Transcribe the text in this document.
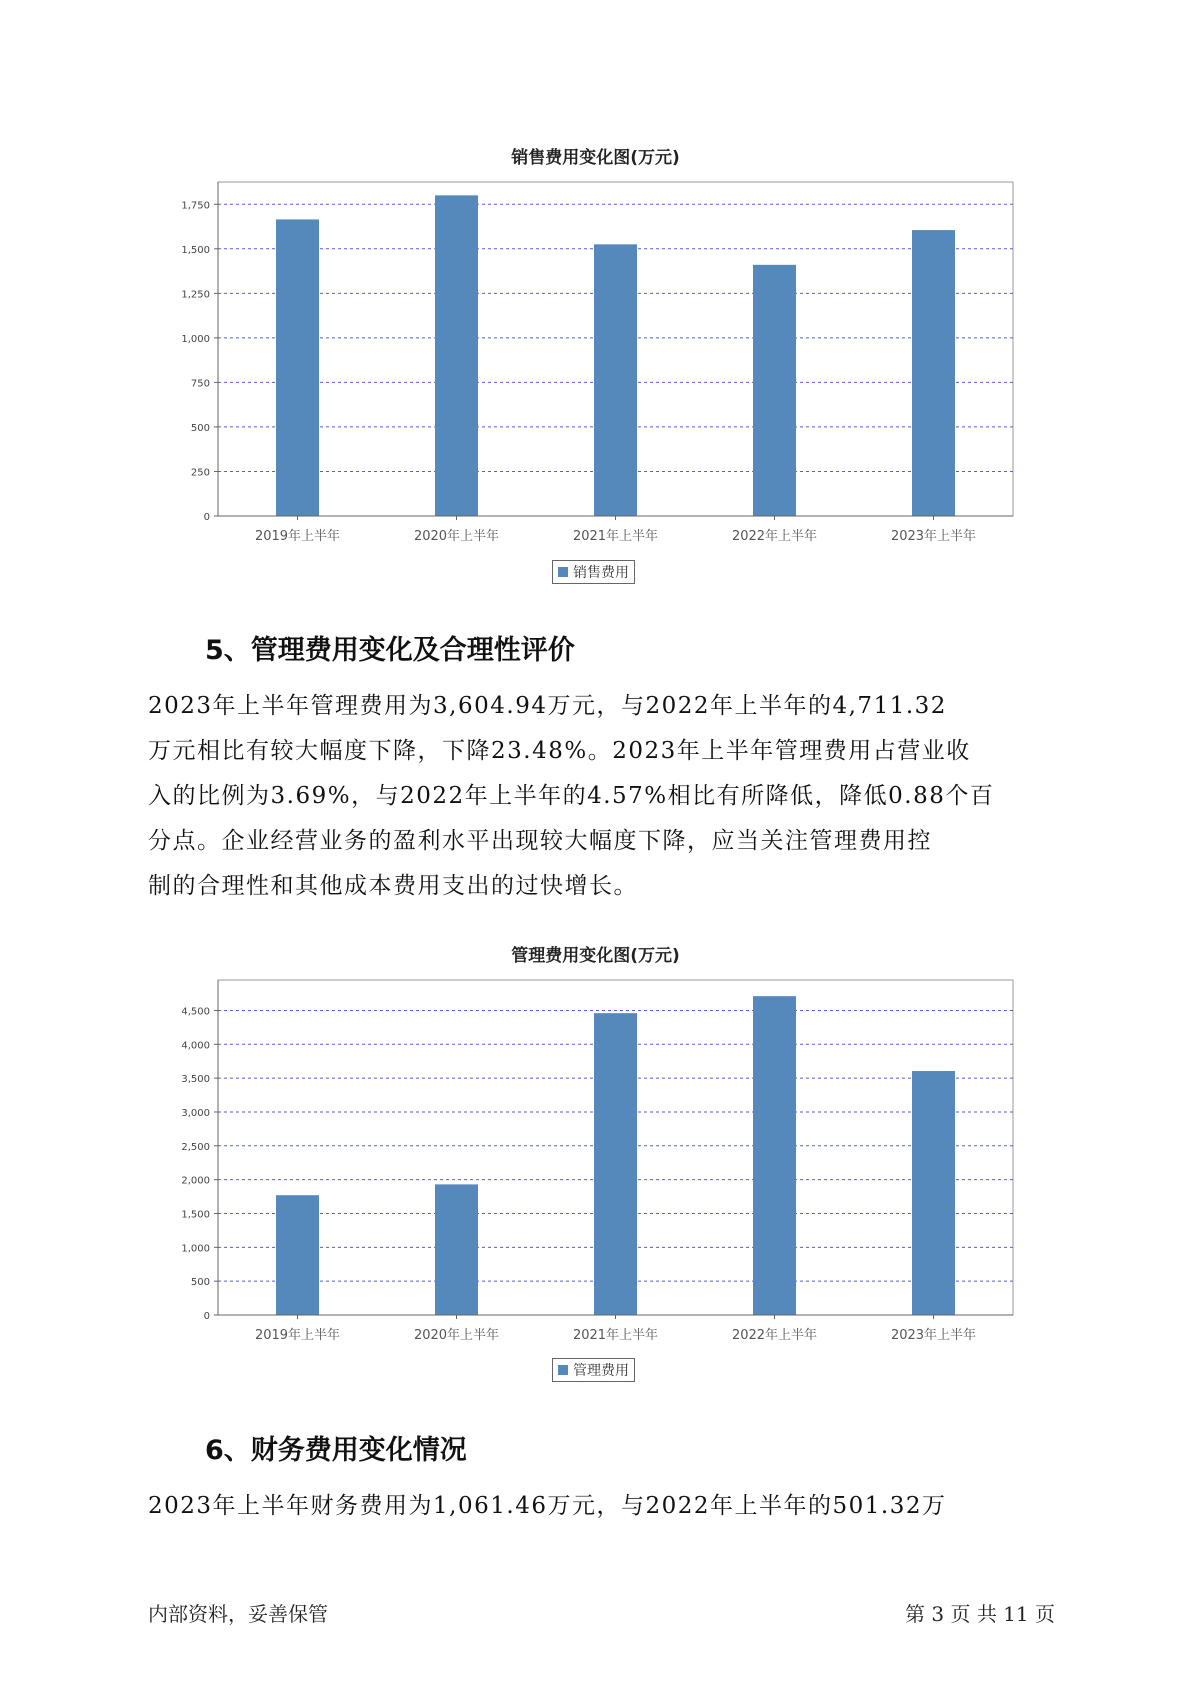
销售费用变化图(万元)
0
250
500
750
1,000
1,250
1,500
1,750
2019年上半年	2020年上半年	2021年上半年	2022年上半年	2023年上半年
销售费用
5、管理费用变化及合理性评价
2023年上半年管理费用为3,604.94万元，与2022年上半年的4,711.32
万元相比有较大幅度下降，下降23.48%。2023年上半年管理费用占营业收
入的比例为3.69%，与2022年上半年的4.57%相比有所降低，降低0.88个百
分点。企业经营业务的盈利水平出现较大幅度下降，应当关注管理费用控
制的合理性和其他成本费用支出的过快增长。
管理费用变化图(万元)
0
500
1,000
1,500
2,000
2,500
3,000
3,500
4,000
4,500
2019年上半年	2020年上半年	2021年上半年	2022年上半年	2023年上半年
管理费用
6、财务费用变化情况
2023年上半年财务费用为1,061.46万元，与2022年上半年的501.32万
内部资料，妥善保管	第 3 页 共 11 页
